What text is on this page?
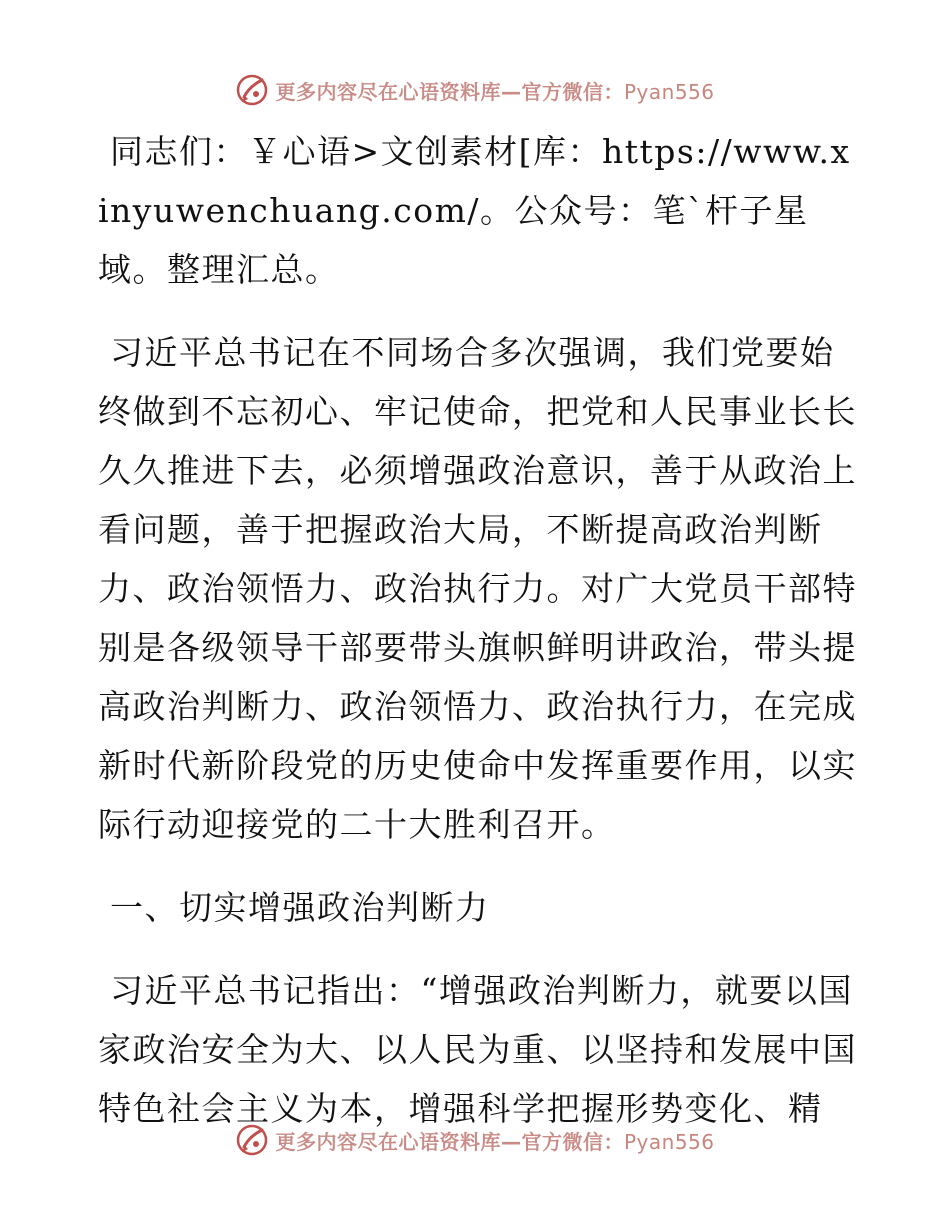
更多内容尽在心语资料库—官方微信：Pyan556

同志们：￥心语>文创素材[库：https://www.xinyuwenchuang.com/。公众号：笔`杆子星域。整理汇总。

习近平总书记在不同场合多次强调，我们党要始终做到不忘初心、牢记使命，把党和人民事业长长久久推进下去，必须增强政治意识，善于从政治上看问题，善于把握政治大局，不断提高政治判断力、政治领悟力、政治执行力。对广大党员干部特别是各级领导干部要带头旗帜鲜明讲政治，带头提高政治判断力、政治领悟力、政治执行力，在完成新时代新阶段党的历史使命中发挥重要作用，以实际行动迎接党的二十大胜利召开。

一、切实增强政治判断力

习近平总书记指出：“增强政治判断力，就要以国家政治安全为大、以人民为重、以坚持和发展中国特色社会主义为本，增强科学把握形势变化、精

更多内容尽在心语资料库—官方微信：Pyan556
